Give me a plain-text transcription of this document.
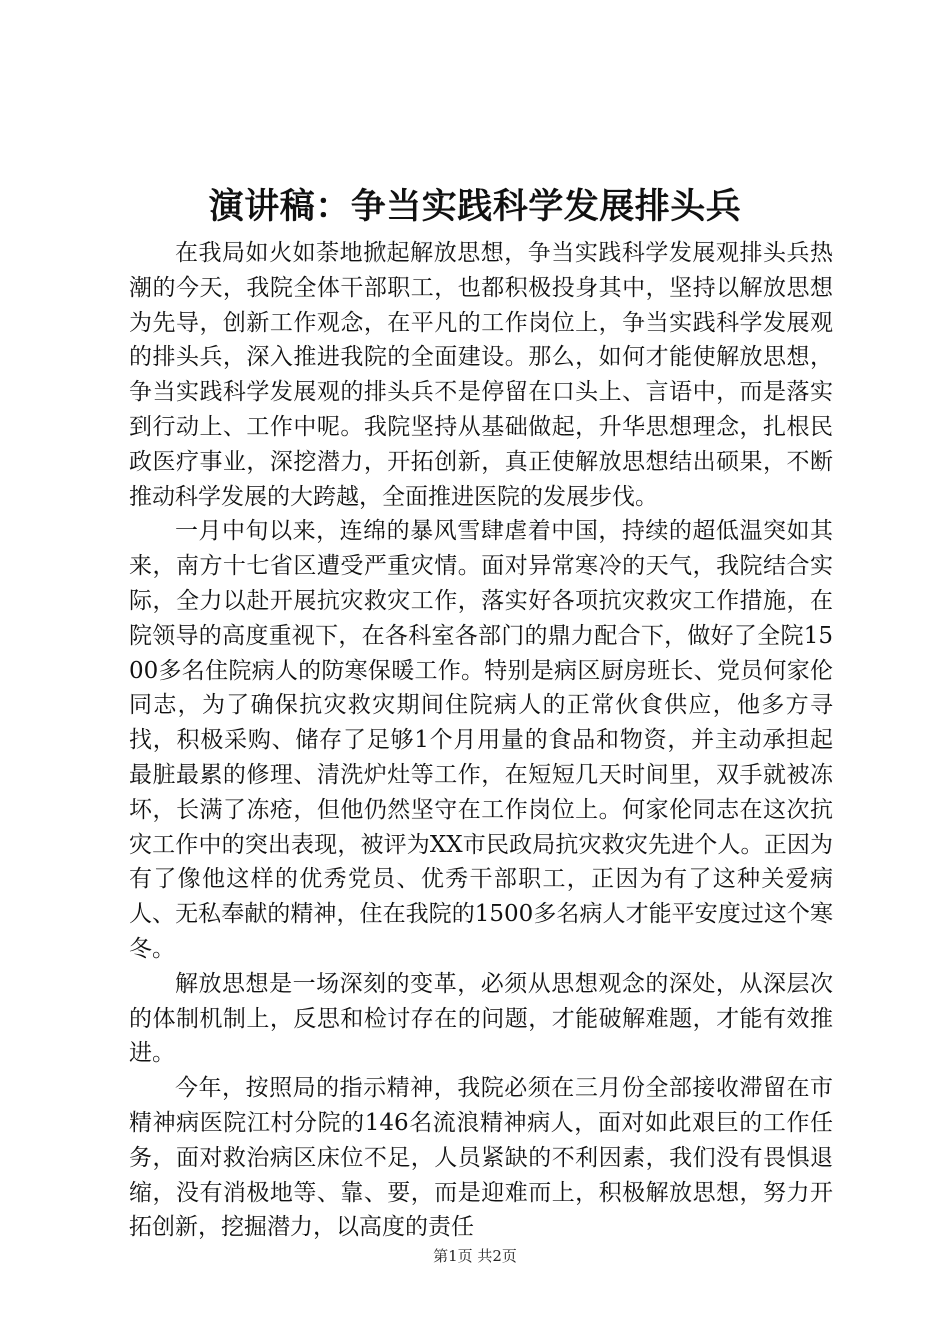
演讲稿：争当实践科学发展排头兵

在我局如火如荼地掀起解放思想，争当实践科学发展观排头兵热潮的今天，我院全体干部职工，也都积极投身其中，坚持以解放思想为先导，创新工作观念，在平凡的工作岗位上，争当实践科学发展观的排头兵，深入推进我院的全面建设。那么，如何才能使解放思想，争当实践科学发展观的排头兵不是停留在口头上、言语中，而是落实到行动上、工作中呢。我院坚持从基础做起，升华思想理念，扎根民政医疗事业，深挖潜力，开拓创新，真正使解放思想结出硕果，不断推动科学发展的大跨越，全面推进医院的发展步伐。

一月中旬以来，连绵的暴风雪肆虐着中国，持续的超低温突如其来，南方十七省区遭受严重灾情。面对异常寒冷的天气，我院结合实际，全力以赴开展抗灾救灾工作，落实好各项抗灾救灾工作措施，在院领导的高度重视下，在各科室各部门的鼎力配合下，做好了全院1500多名住院病人的防寒保暖工作。特别是病区厨房班长、党员何家伦同志，为了确保抗灾救灾期间住院病人的正常伙食供应，他多方寻找，积极采购、储存了足够1个月用量的食品和物资，并主动承担起最脏最累的修理、清洗炉灶等工作，在短短几天时间里，双手就被冻坏，长满了冻疮，但他仍然坚守在工作岗位上。何家伦同志在这次抗灾工作中的突出表现，被评为XX市民政局抗灾救灾先进个人。正因为有了像他这样的优秀党员、优秀干部职工，正因为有了这种关爱病人、无私奉献的精神，住在我院的1500多名病人才能平安度过这个寒冬。

解放思想是一场深刻的变革，必须从思想观念的深处，从深层次的体制机制上，反思和检讨存在的问题，才能破解难题，才能有效推进。

今年，按照局的指示精神，我院必须在三月份全部接收滞留在市精神病医院江村分院的146名流浪精神病人，面对如此艰巨的工作任务，面对救治病区床位不足，人员紧缺的不利因素，我们没有畏惧退缩，没有消极地等、靠、要，而是迎难而上，积极解放思想，努力开拓创新，挖掘潜力，以高度的责任

第1页 共2页
